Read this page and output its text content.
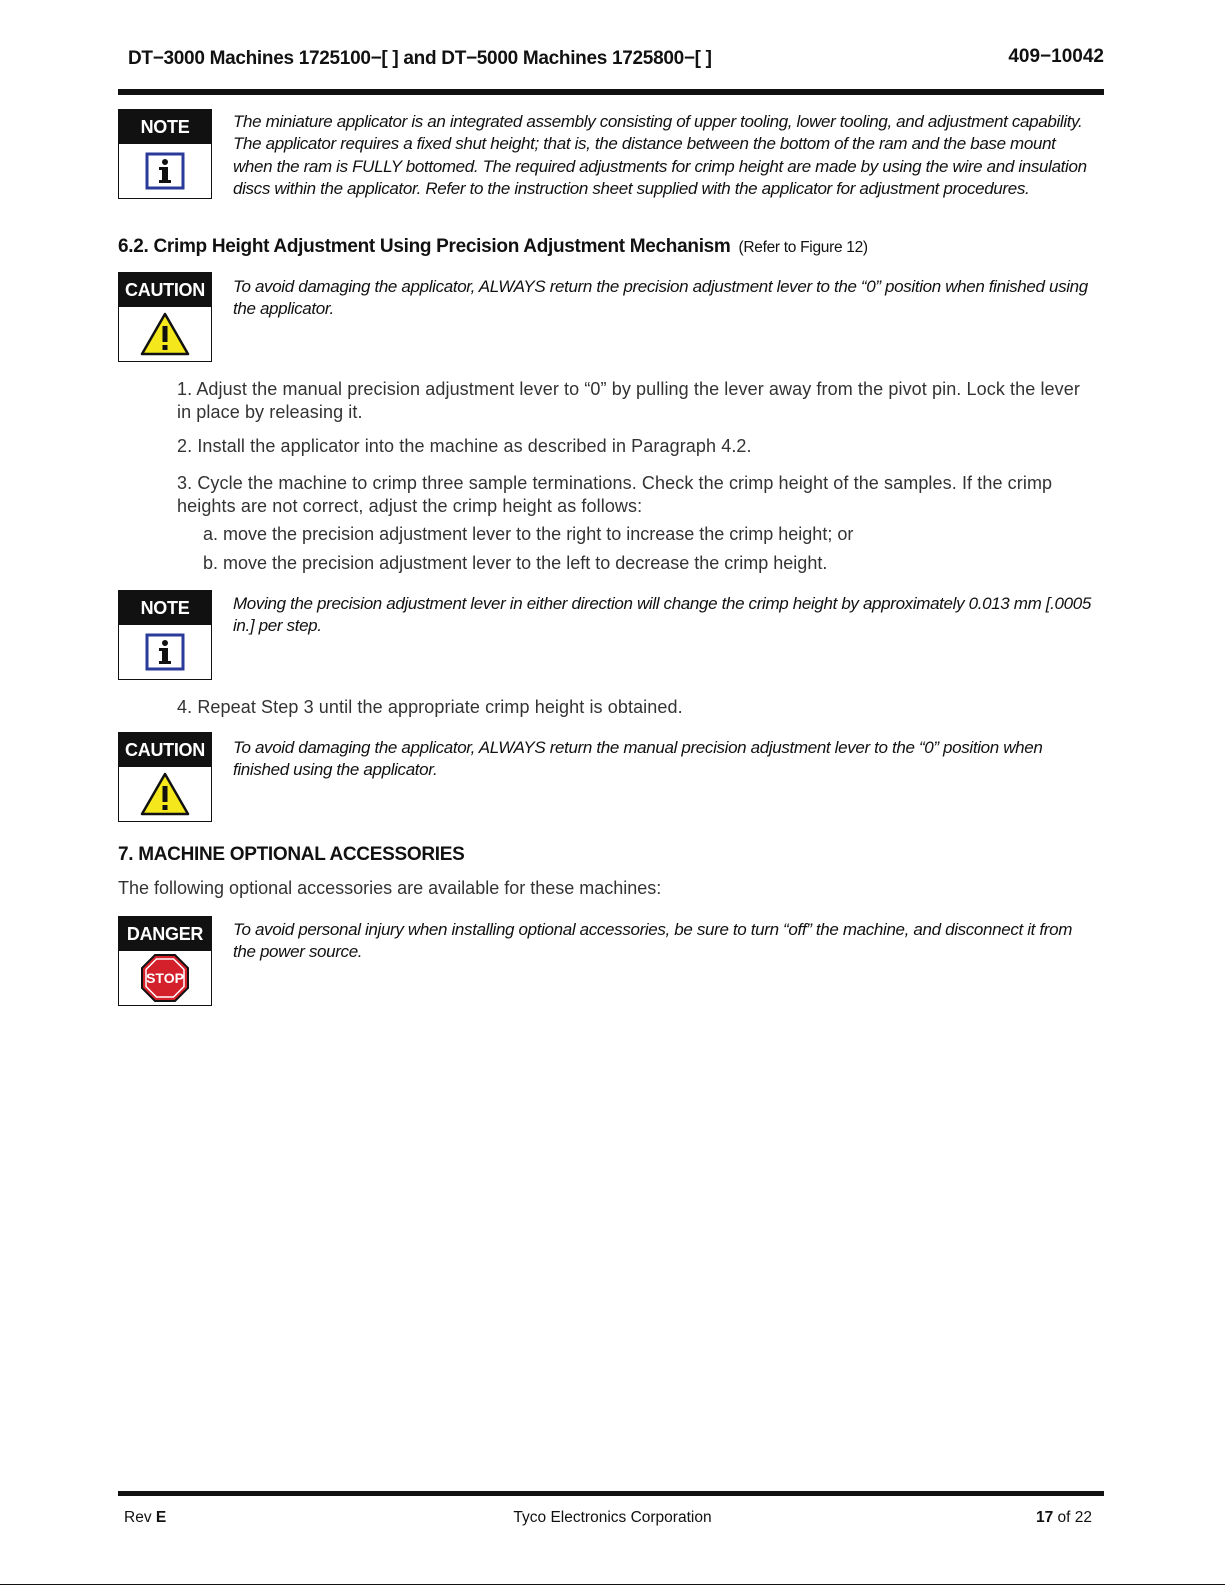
DT−3000 Machines 1725100−[ ] and DT−5000 Machines 1725800−[ ]	409−10042
NOTE	The miniature applicator is an integrated assembly consisting of upper tooling, lower tooling, and adjustment capability. The applicator requires a fixed shut height; that is, the distance between the bottom of the ram and the base mount when the ram is FULLY bottomed. The required adjustments for crimp height are made by using the wire and insulation discs within the applicator. Refer to the instruction sheet supplied with the applicator for adjustment procedures.
6.2. Crimp Height Adjustment Using Precision Adjustment Mechanism (Refer to Figure 12)
CAUTION	To avoid damaging the applicator, ALWAYS return the precision adjustment lever to the “0” position when finished using the applicator.
1. Adjust the manual precision adjustment lever to “0” by pulling the lever away from the pivot pin. Lock the lever in place by releasing it.
2. Install the applicator into the machine as described in Paragraph 4.2.
3. Cycle the machine to crimp three sample terminations. Check the crimp height of the samples. If the crimp heights are not correct, adjust the crimp height as follows:
a. move the precision adjustment lever to the right to increase the crimp height; or
b. move the precision adjustment lever to the left to decrease the crimp height.
NOTE	Moving the precision adjustment lever in either direction will change the crimp height by approximately 0.013 mm [.0005 in.] per step.
4. Repeat Step 3 until the appropriate crimp height is obtained.
CAUTION	To avoid damaging the applicator, ALWAYS return the manual precision adjustment lever to the “0” position when finished using the applicator.
7. MACHINE OPTIONAL ACCESSORIES
The following optional accessories are available for these machines:
DANGER
STOP
To avoid personal injury when installing optional accessories, be sure to turn “off” the machine, and disconnect it from the power source.
Rev E	Tyco Electronics Corporation	17 of 22
